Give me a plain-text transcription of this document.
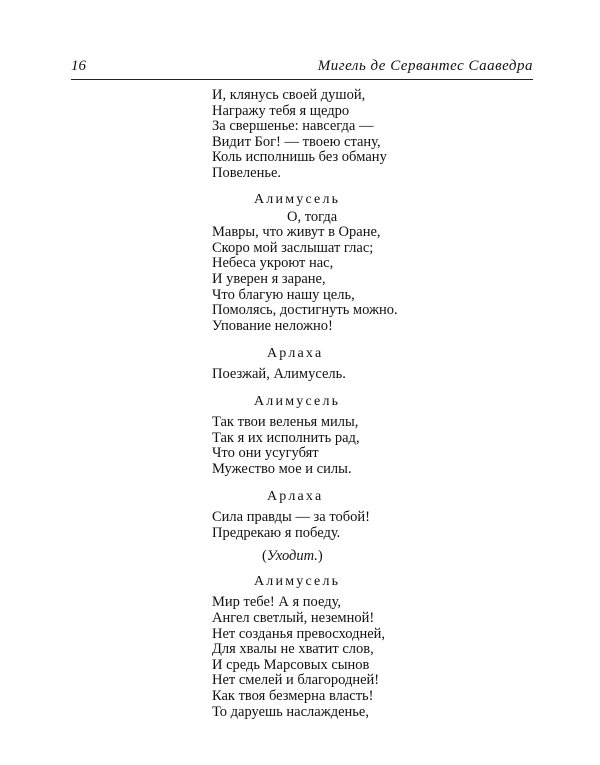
16	Мигель де Сервантес Сааведра
И, клянусь своей душой,
Награжу тебя я щедро
За свершенье: навсегда —
Видит Бог! — твоею стану,
Коль исполнишь без обману
Повеленье.
Алимусель
О, тогда
Мавры, что живут в Оране,
Скоро мой заслышат глас;
Небеса укроют нас,
И уверен я заране,
Что благую нашу цель,
Помолясь, достигнуть можно.
Упование неложно!
Арлаха
Поезжай, Алимусель.
Алимусель
Так твои веленья милы,
Так я их исполнить рад,
Что они усугубят
Мужество мое и силы.
Арлаха
Сила правды — за тобой!
Предрекаю я победу.
(Уходит.)
Алимусель
Мир тебе! А я поеду,
Ангел светлый, неземной!
Нет созданья превосходней,
Для хвалы не хватит слов,
И средь Марсовых сынов
Нет смелей и благородней!
Как твоя безмерна власть!
То даруешь наслажденье,
